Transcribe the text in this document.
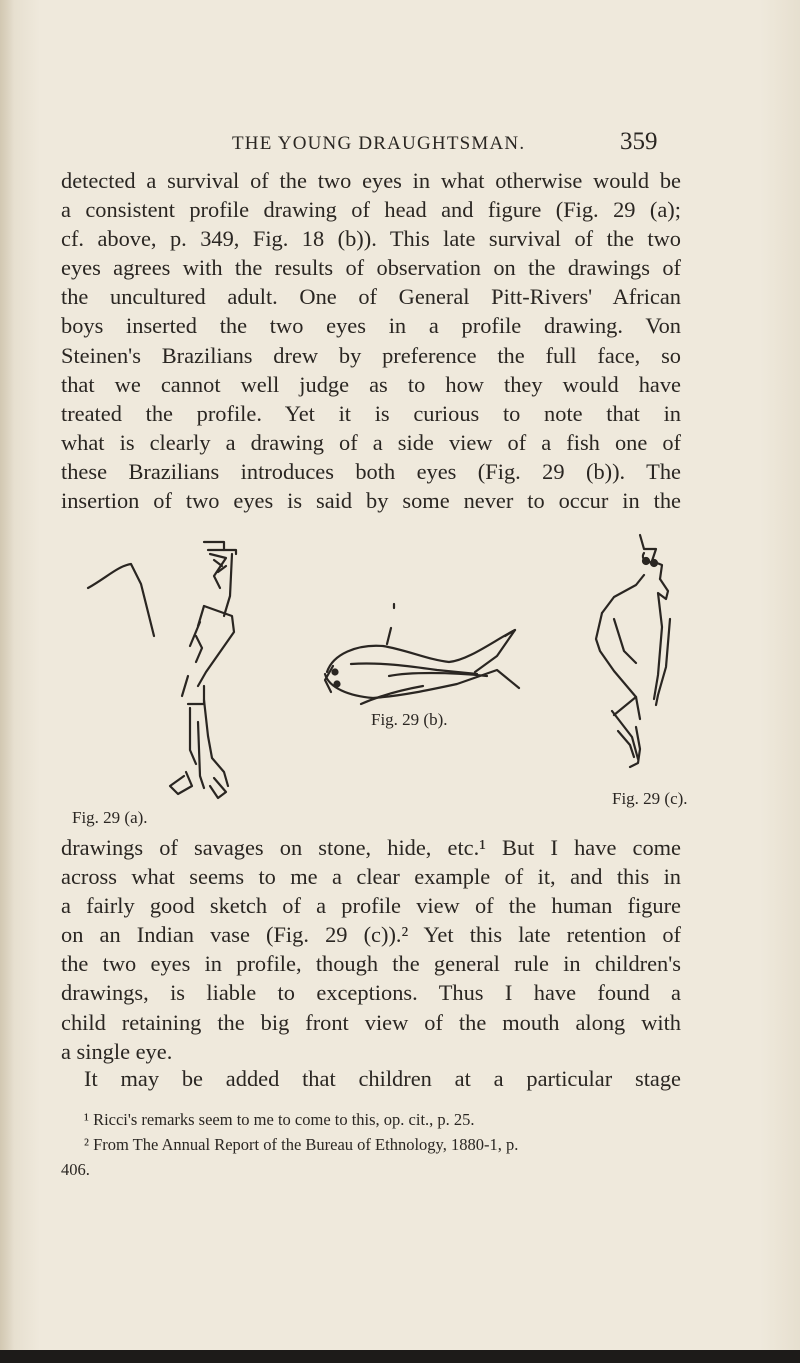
THE YOUNG DRAUGHTSMAN.	359
detected a survival of the two eyes in what otherwise would be
a consistent profile drawing of head and figure (Fig. 29 (a);
cf. above, p. 349, Fig. 18 (b)). This late survival of the two
eyes agrees with the results of observation on the drawings of
the uncultured adult. One of General Pitt-Rivers' African
boys inserted the two eyes in a profile drawing. Von
Steinen's Brazilians drew by preference the full face, so
that we cannot well judge as to how they would have
treated the profile. Yet it is curious to note that in
what is clearly a drawing of a side view of a fish one of
these Brazilians introduces both eyes (Fig. 29 (b)). The
insertion of two eyes is said by some never to occur in the
Fig. 29 (a).
Fig. 29 (b).
Fig. 29 (c).
drawings of savages on stone, hide, etc.¹ But I have come
across what seems to me a clear example of it, and this in
a fairly good sketch of a profile view of the human figure
on an Indian vase (Fig. 29 (c)).² Yet this late retention of
the two eyes in profile, though the general rule in children's
drawings, is liable to exceptions. Thus I have found a
child retaining the big front view of the mouth along with
a single eye.
It may be added that children at a particular stage
¹ Ricci's remarks seem to me to come to this, op. cit., p. 25.
² From The Annual Report of the Bureau of Ethnology, 1880-1, p.
406.
